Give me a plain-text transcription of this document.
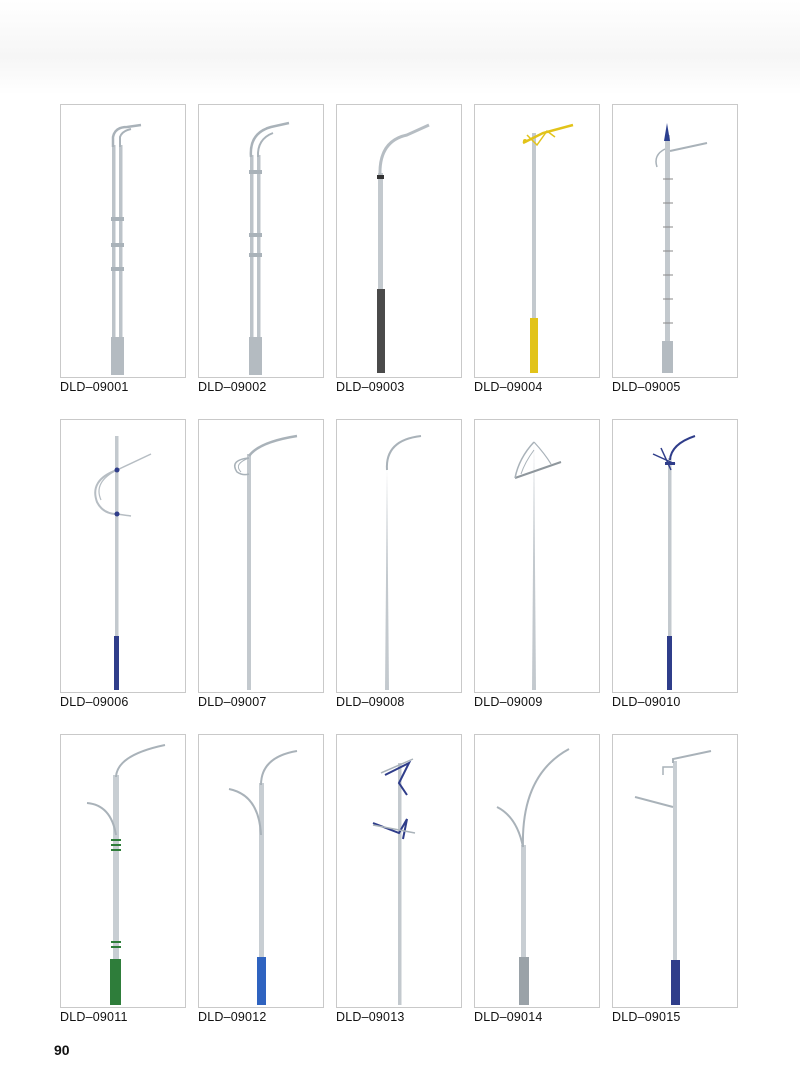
DLD–09001	DLD–09002	DLD–09003	DLD–09004	DLD–09005
DLD–09006	DLD–09007	DLD–09008	DLD–09009	DLD–09010
DLD–09011	DLD–09012	DLD–09013	DLD–09014	DLD–09015
90
